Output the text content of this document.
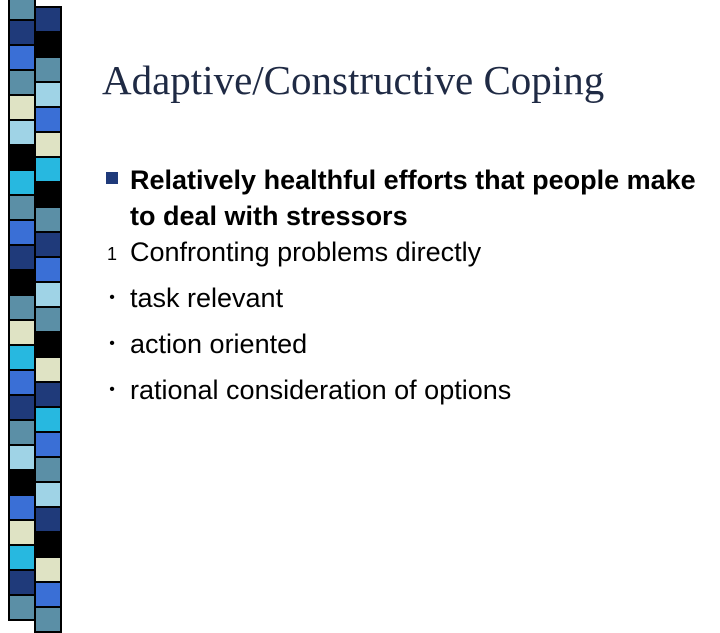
Adaptive/Constructive Coping
Relatively healthful efforts that people make to deal with stressors
1 Confronting problems directly
• task relevant
• action oriented
• rational consideration of options
